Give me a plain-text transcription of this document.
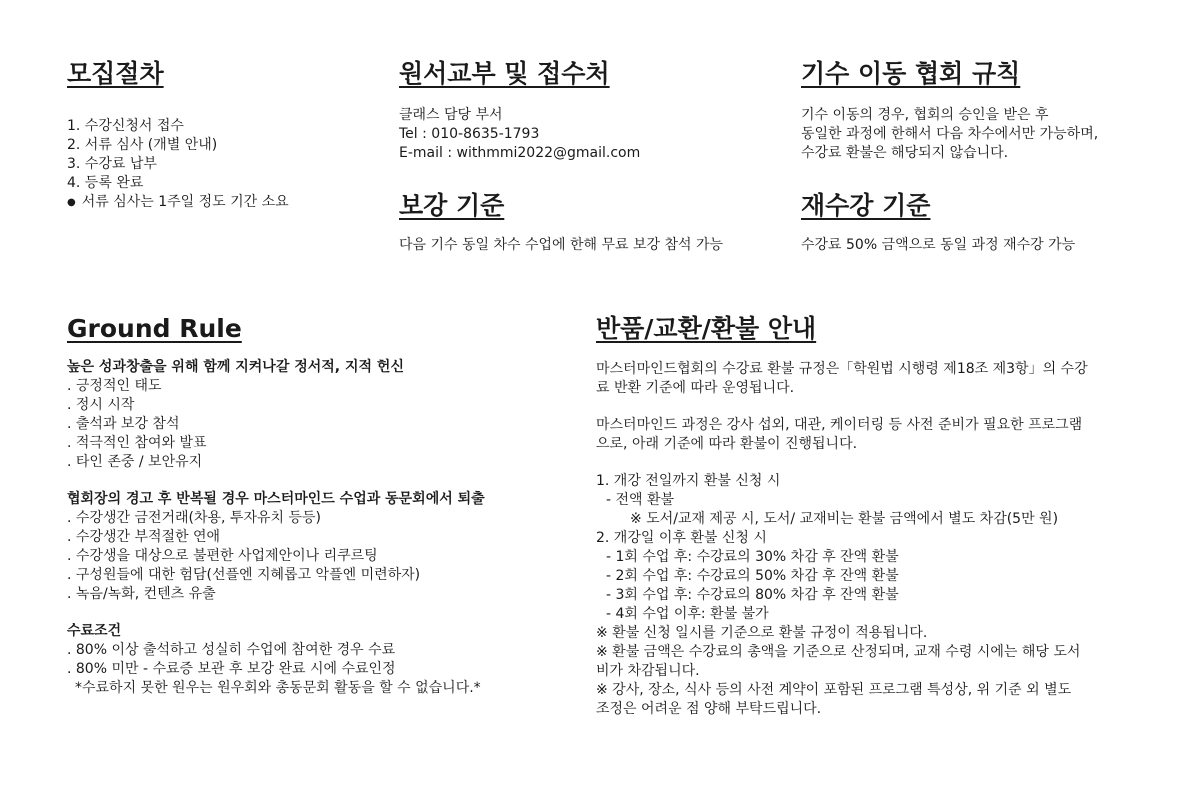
모집절차

1. 수강신청서 접수

2. 서류 심사 (개별 안내)

3. 수강료 납부

4. 등록 완료

● 서류 심사는 1주일 정도 기간 소요

원서교부 및 접수처

클래스 담당 부서

Tel : 010-8635-1793

E-mail : withmmi2022@gmail.com

보강 기준

다음 기수 동일 차수 수업에 한해 무료 보강 참석 가능

기수 이동 협회 규칙

기수 이동의 경우, 협회의 승인을 받은 후

동일한 과정에 한해서 다음 차수에서만 가능하며,

수강료 환불은 해당되지 않습니다.

재수강 기준

수강료 50% 금액으로 동일 과정 재수강 가능

Ground Rule

높은 성과창출을 위해 함께 지켜나갈 정서적, 지적 헌신

. 긍정적인 태도

. 정시 시작

. 출석과 보강 참석

. 적극적인 참여와 발표

. 타인 존중 / 보안유지

협회장의 경고 후 반복될 경우 마스터마인드 수업과 동문회에서 퇴출

. 수강생간 금전거래(차용, 투자유치 등등)

. 수강생간 부적절한 연애

. 수강생을 대상으로 불편한 사업제안이나 리쿠르팅

. 구성원들에 대한 험담(선플엔 지혜롭고 악플엔 미련하자)

. 녹음/녹화, 컨텐츠 유출

수료조건

. 80% 이상 출석하고 성실히 수업에 참여한 경우 수료

. 80% 미만 - 수료증 보관 후 보강 완료 시에 수료인정

*수료하지 못한 원우는 원우회와 총동문회 활동을 할 수 없습니다.*

반품/교환/환불 안내

마스터마인드협회의 수강료 환불 규정은「학원법 시행령 제18조 제3항」의 수강

료 반환 기준에 따라 운영됩니다.

마스터마인드 과정은 강사 섭외, 대관, 케이터링 등 사전 준비가 필요한 프로그램

으로, 아래 기준에 따라 환불이 진행됩니다.

1. 개강 전일까지 환불 신청 시

- 전액 환불

※ 도서/교재 제공 시, 도서/ 교재비는 환불 금액에서 별도 차감(5만 원)

2. 개강일 이후 환불 신청 시

- 1회 수업 후: 수강료의 30% 차감 후 잔액 환불

- 2회 수업 후: 수강료의 50% 차감 후 잔액 환불

- 3회 수업 후: 수강료의 80% 차감 후 잔액 환불

- 4회 수업 이후: 환불 불가

※ 환불 신청 일시를 기준으로 환불 규정이 적용됩니다.

※ 환불 금액은 수강료의 총액을 기준으로 산정되며, 교재 수령 시에는 해당 도서

비가 차감됩니다.

※ 강사, 장소, 식사 등의 사전 계약이 포함된 프로그램 특성상, 위 기준 외 별도

조정은 어려운 점 양해 부탁드립니다.
